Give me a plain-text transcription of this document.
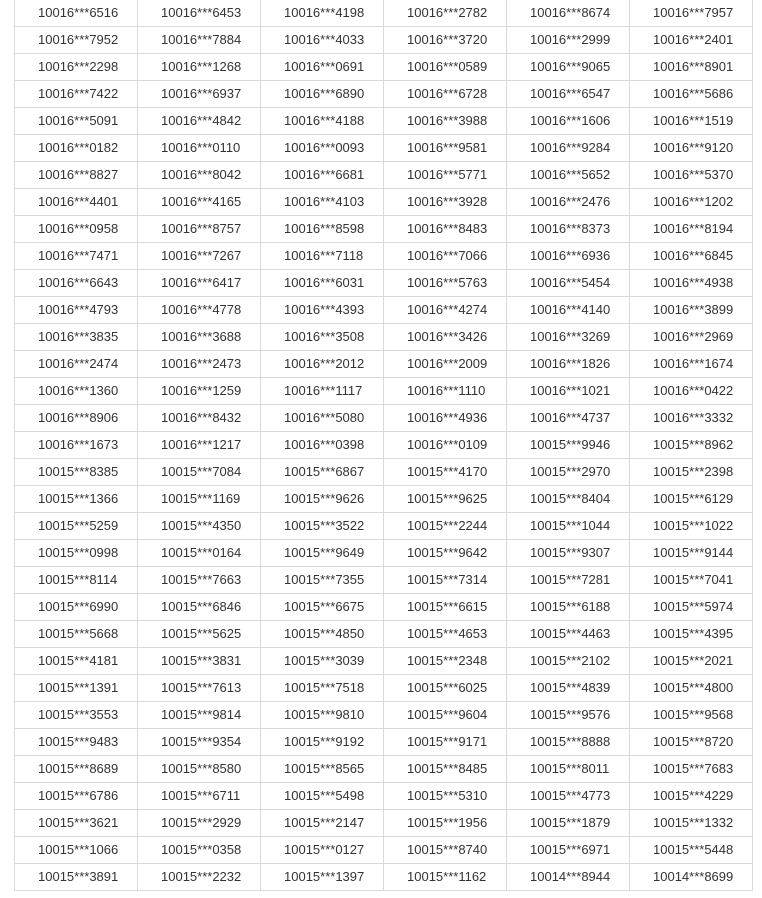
10016***6516	10016***6453	10016***4198	10016***2782	10016***8674	10016***7957
10016***7952	10016***7884	10016***4033	10016***3720	10016***2999	10016***2401
10016***2298	10016***1268	10016***0691	10016***0589	10016***9065	10016***8901
10016***7422	10016***6937	10016***6890	10016***6728	10016***6547	10016***5686
10016***5091	10016***4842	10016***4188	10016***3988	10016***1606	10016***1519
10016***0182	10016***0110	10016***0093	10016***9581	10016***9284	10016***9120
10016***8827	10016***8042	10016***6681	10016***5771	10016***5652	10016***5370
10016***4401	10016***4165	10016***4103	10016***3928	10016***2476	10016***1202
10016***0958	10016***8757	10016***8598	10016***8483	10016***8373	10016***8194
10016***7471	10016***7267	10016***7118	10016***7066	10016***6936	10016***6845
10016***6643	10016***6417	10016***6031	10016***5763	10016***5454	10016***4938
10016***4793	10016***4778	10016***4393	10016***4274	10016***4140	10016***3899
10016***3835	10016***3688	10016***3508	10016***3426	10016***3269	10016***2969
10016***2474	10016***2473	10016***2012	10016***2009	10016***1826	10016***1674
10016***1360	10016***1259	10016***1117	10016***1110	10016***1021	10016***0422
10016***8906	10016***8432	10016***5080	10016***4936	10016***4737	10016***3332
10016***1673	10016***1217	10016***0398	10016***0109	10015***9946	10015***8962
10015***8385	10015***7084	10015***6867	10015***4170	10015***2970	10015***2398
10015***1366	10015***1169	10015***9626	10015***9625	10015***8404	10015***6129
10015***5259	10015***4350	10015***3522	10015***2244	10015***1044	10015***1022
10015***0998	10015***0164	10015***9649	10015***9642	10015***9307	10015***9144
10015***8114	10015***7663	10015***7355	10015***7314	10015***7281	10015***7041
10015***6990	10015***6846	10015***6675	10015***6615	10015***6188	10015***5974
10015***5668	10015***5625	10015***4850	10015***4653	10015***4463	10015***4395
10015***4181	10015***3831	10015***3039	10015***2348	10015***2102	10015***2021
10015***1391	10015***7613	10015***7518	10015***6025	10015***4839	10015***4800
10015***3553	10015***9814	10015***9810	10015***9604	10015***9576	10015***9568
10015***9483	10015***9354	10015***9192	10015***9171	10015***8888	10015***8720
10015***8689	10015***8580	10015***8565	10015***8485	10015***8011	10015***7683
10015***6786	10015***6711	10015***5498	10015***5310	10015***4773	10015***4229
10015***3621	10015***2929	10015***2147	10015***1956	10015***1879	10015***1332
10015***1066	10015***0358	10015***0127	10015***8740	10015***6971	10015***5448
10015***3891	10015***2232	10015***1397	10015***1162	10014***8944	10014***8699
